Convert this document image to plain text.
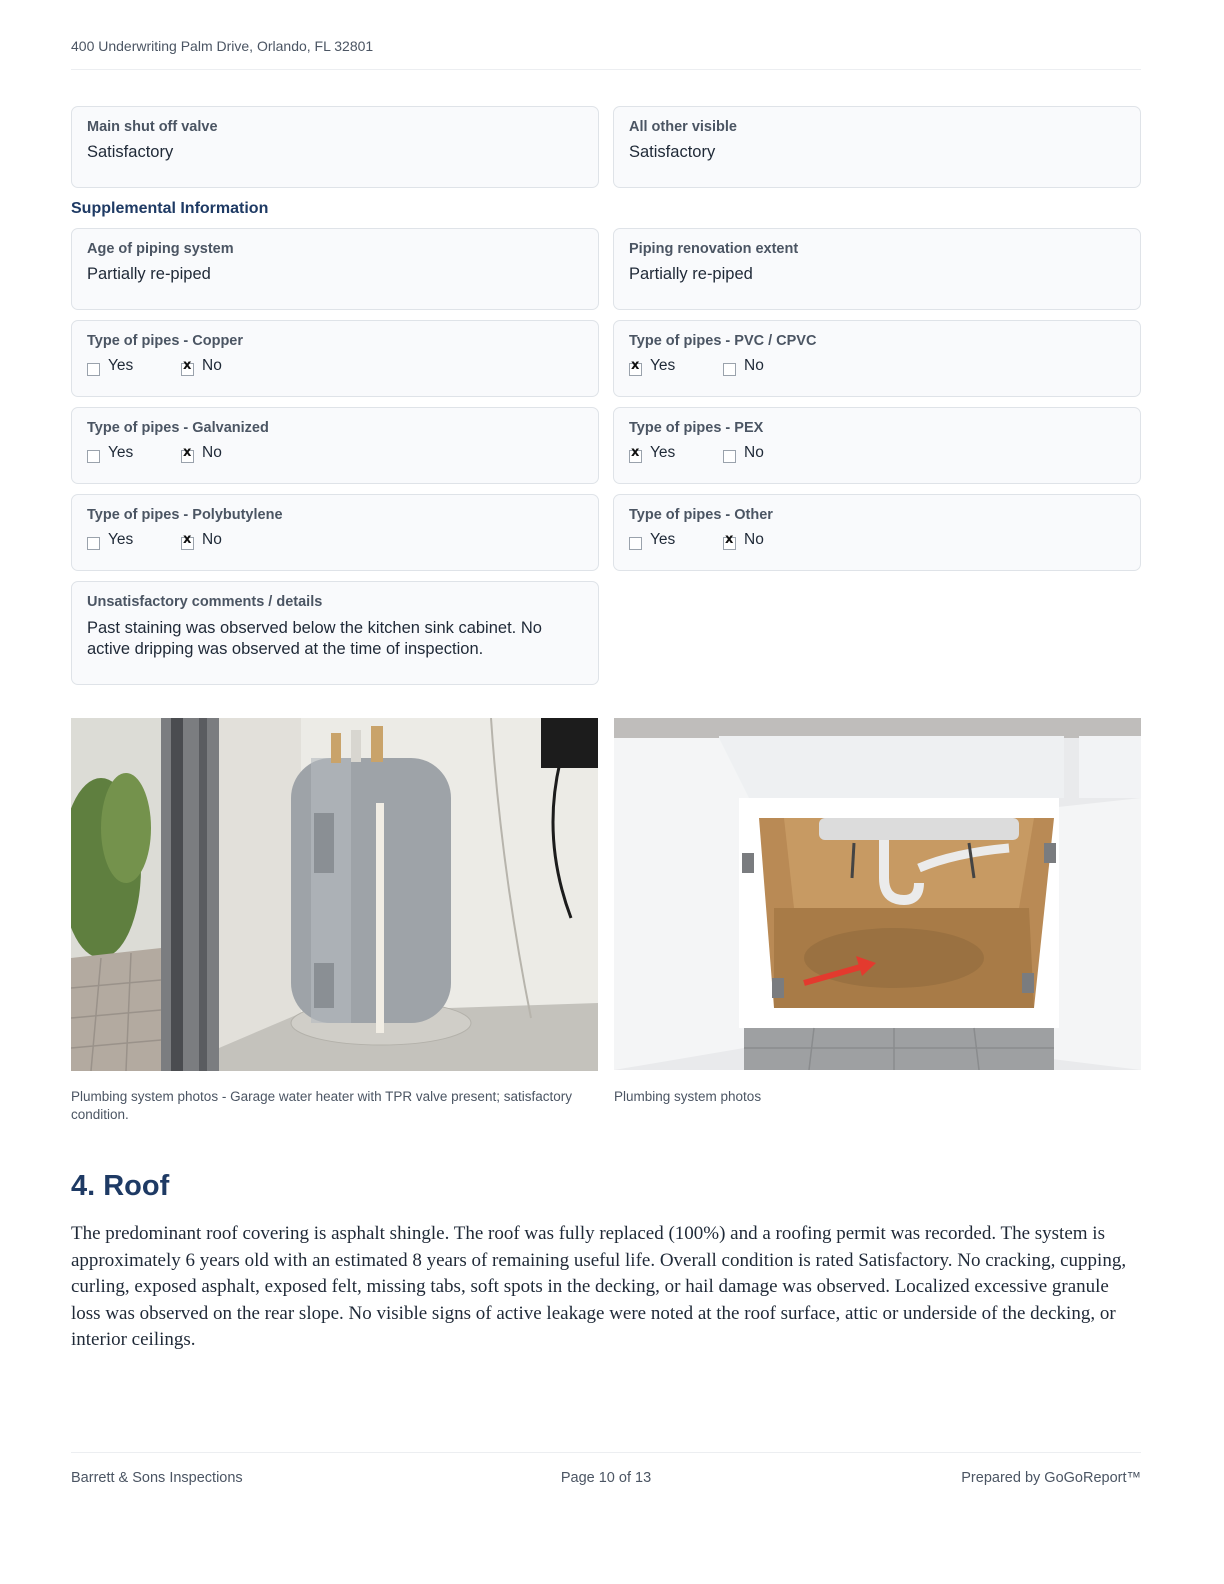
400 Underwriting Palm Drive, Orlando, FL 32801
Main shut off valve
Satisfactory
All other visible
Satisfactory
Supplemental Information
Age of piping system
Partially re-piped
Piping renovation extent
Partially re-piped
Type of pipes - Copper
Yes x	No
Type of pipes - PVC / CPVC
x
Yes	No
Type of pipes - Galvanized
Yes x	No
Type of pipes - PEX
x
Yes	No
Type of pipes - Polybutylene
Yes x	No
Type of pipes - Other
Yes x	No
Unsatisfactory comments / details
Past staining was observed below the kitchen sink cabinet. No active dripping was observed at the time of inspection.
Plumbing system photos - Garage water heater with TPR valve present; satisfactory condition.
Plumbing system photos
4. Roof
The predominant roof covering is asphalt shingle. The roof was fully replaced (100%) and a roofing permit was recorded. The system is approximately 6 years old with an estimated 8 years of remaining useful life. Overall condition is rated Satisfactory. No cracking, cupping, curling, exposed asphalt, exposed felt, missing tabs, soft spots in the decking, or hail damage was observed. Localized excessive granule loss was observed on the rear slope. No visible signs of active leakage were noted at the roof surface, attic or underside of the decking, or interior ceilings.
Barrett & Sons Inspections	Page 10 of 13	Prepared by GoGoReport™
